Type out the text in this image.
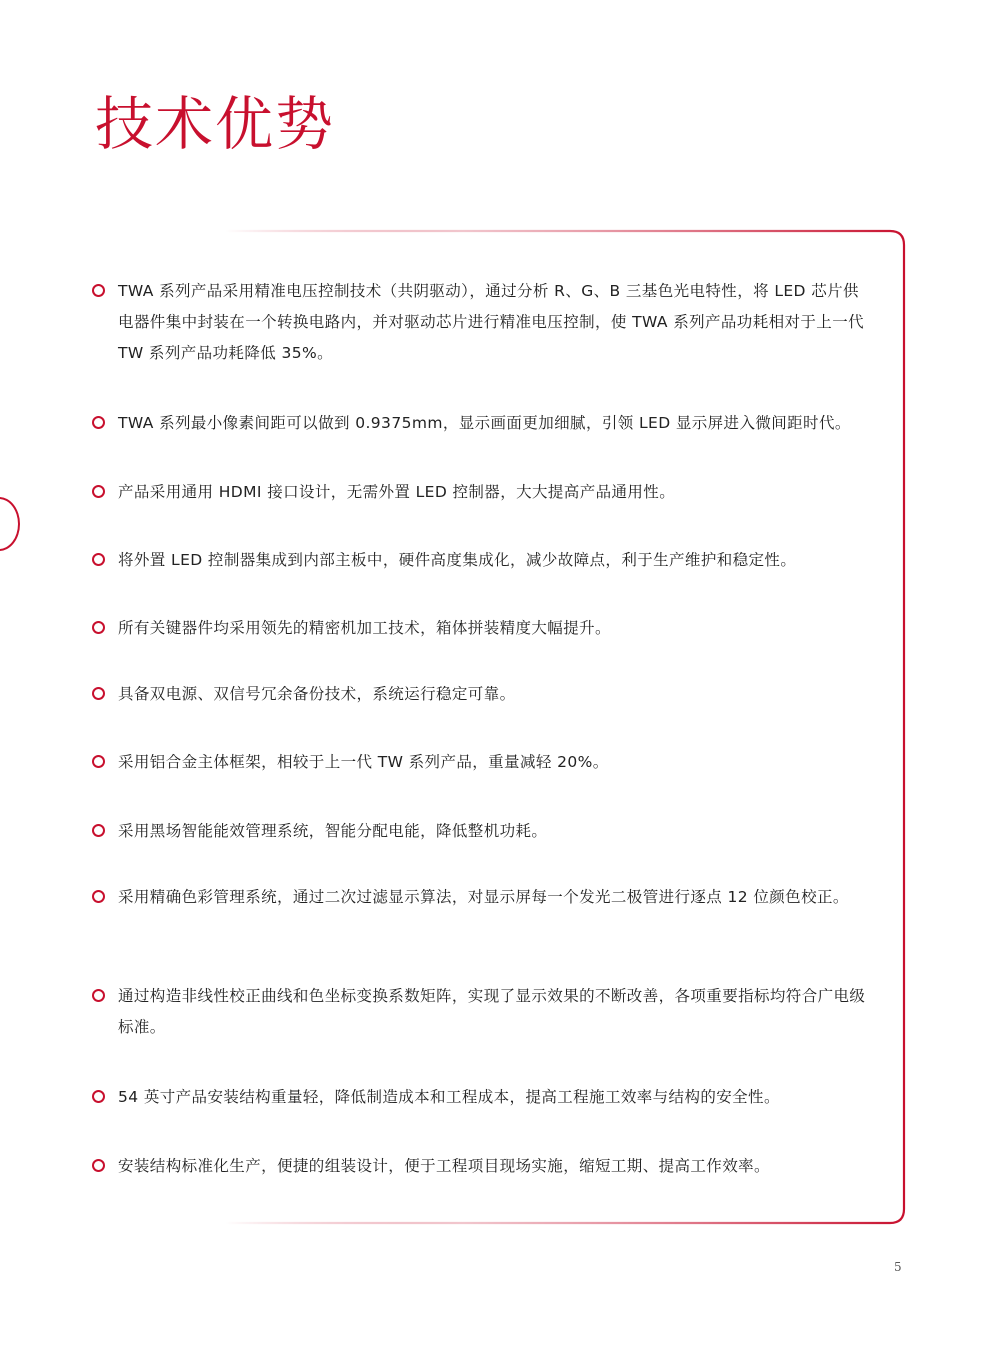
技术优势
TWA 系列产品采用精准电压控制技术（共阴驱动），通过分析 R、G、B 三基色光电特性，将 LED 芯片供电器件集中封装在一个转换电路内，并对驱动芯片进行精准电压控制，使 TWA 系列产品功耗相对于上一代 TW 系列产品功耗降低 35%。
TWA 系列最小像素间距可以做到 0.9375mm，显示画面更加细腻，引领 LED 显示屏进入微间距时代。
产品采用通用 HDMI 接口设计，无需外置 LED 控制器，大大提高产品通用性。
将外置 LED 控制器集成到内部主板中，硬件高度集成化，减少故障点，利于生产维护和稳定性。
所有关键器件均采用领先的精密机加工技术，箱体拼装精度大幅提升。
具备双电源、双信号冗余备份技术，系统运行稳定可靠。
采用铝合金主体框架，相较于上一代 TW 系列产品，重量减轻 20%。
采用黑场智能能效管理系统，智能分配电能，降低整机功耗。
采用精确色彩管理系统，通过二次过滤显示算法，对显示屏每一个发光二极管进行逐点 12 位颜色校正。
通过构造非线性校正曲线和色坐标变换系数矩阵，实现了显示效果的不断改善，各项重要指标均符合广电级标准。
54 英寸产品安装结构重量轻，降低制造成本和工程成本，提高工程施工效率与结构的安全性。
安装结构标准化生产，便捷的组装设计，便于工程项目现场实施，缩短工期、提高工作效率。
5
